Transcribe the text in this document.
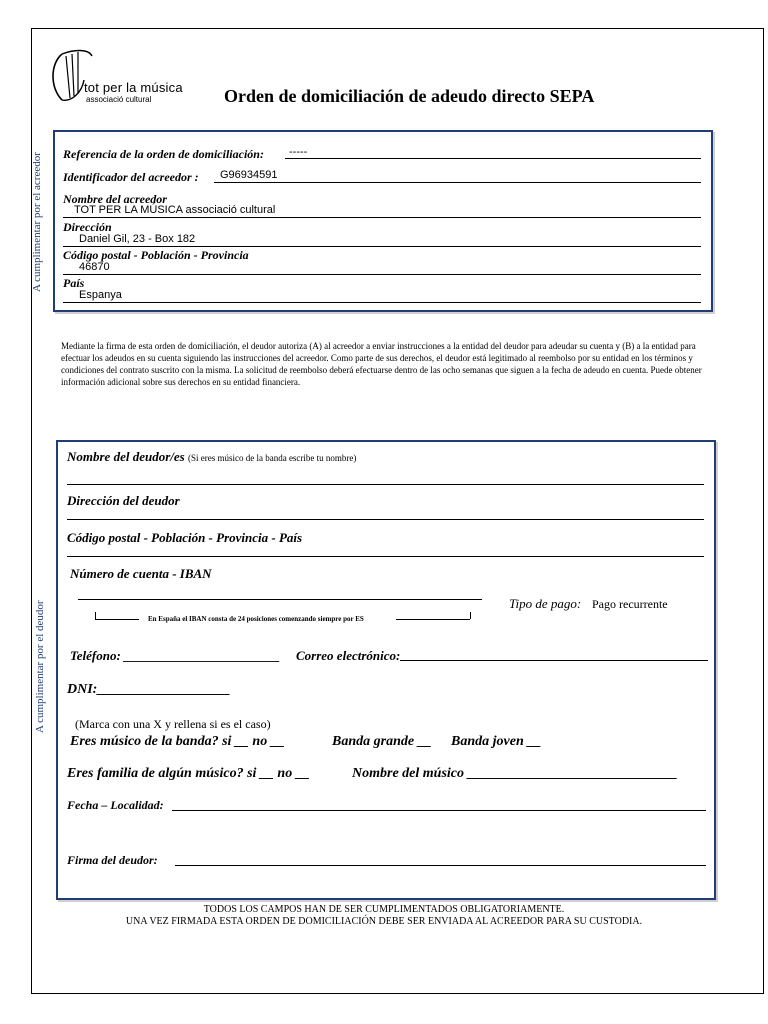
tot per la música
associació cultural	Orden de domiciliación de adeudo directo SEPA
A cumplimentar por el acreedor
A cumplimentar por el deudor
Referencia de la orden de domiciliación: -----
Identificador del acreedor : G96934591
Nombre del acreedor
TOT PER LA MÚSICA associació cultural
Dirección
Daniel Gil, 23 - Box 182
Código postal - Población - Provincia
46870
País
Espanya
Mediante la firma de esta orden de domiciliación, el deudor autoriza (A) al acreedor a enviar instrucciones a la entidad del deudor para adeudar su cuenta y (B) a la entidad para efectuar los adeudos en su cuenta siguiendo las instrucciones del acreedor. Como parte de sus derechos, el deudor está legitimado al reembolso por su entidad en los términos y condiciones del contrato suscrito con la misma. La solicitud de reembolso deberá efectuarse dentro de las ocho semanas que siguen a la fecha de adeudo en cuenta. Puede obtener información adicional sobre sus derechos en su entidad financiera.
Nombre del deudor/es (Si eres músico de la banda escribe tu nombre)
Dirección del deudor
Código postal - Población - Provincia - País
Número de cuenta - IBAN
En España el IBAN consta de 24 posiciones comenzando siempre por ES
Tipo de pago: Pago recurrente
Teléfono: ________________________ Correo electrónico:
DNI:___________________
(Marca con una X y rellena si es el caso)
Eres músico de la banda? si __ no __	Banda grande __ Banda joven __
Eres familia de algún músico? si __ no __	Nombre del músico ______________________________
Fecha – Localidad:
Firma del deudor:
TODOS LOS CAMPOS HAN DE SER CUMPLIMENTADOS OBLIGATORIAMENTE.
UNA VEZ FIRMADA ESTA ORDEN DE DOMICILIACIÓN DEBE SER ENVIADA AL ACREEDOR PARA SU CUSTODIA.
